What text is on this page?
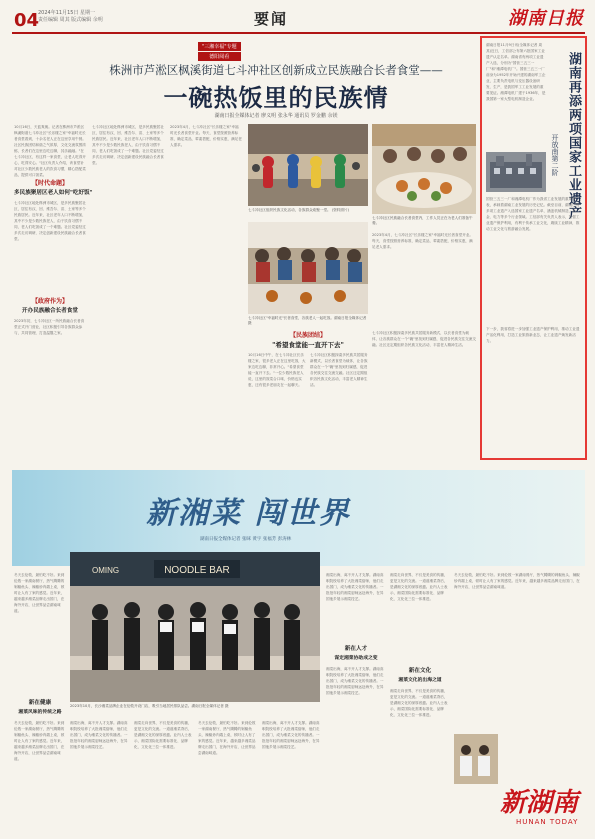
04
2024年11月15日 星期一
责任编辑 周其 版式编辑 余明	要闻	湖南日报
"三湘幸福"专题
德阳阅看
株洲市芦淞区枫溪街道七斗冲社区创新成立民族融合长者食堂——
一碗热饭里的民族情
湖南日报全媒体记者 廖义明 张永华 通讯员 罗金鹏 余镁
10月16日，天蓝爽朗。记者在株洲市芦淞区枫溪街道七斗冲社区"长乐楼之家"幸福时光长者食堂看到，十余名老人正在这里享用午餐。社区民族团结和谐之气浓厚，文化交流氛围浓郁，长者们在这里边吃边聊，其乐融融。"在七斗冲社区，有这样一家食堂，让老人吃得开心，吃得安心。"社区负责人介绍，该食堂针对社区少数民族老人的饮食习惯，精心搭配菜品，提供可口饭菜。
【时代命题】
多民族聚居区老人如何"吃好饭"
七斗冲社区地处株洲市城区，是多民族聚居社区，居住有汉、回、维吾尔、苗、土家等多个民族居民。近年来，社区老年人口不断增加，其中不少是少数民族老人，由于饮食习惯不同，老人们吃饭成了一个难题。社区党委经过多次走访调研，决定创新建设民族融合长者食堂。
【政府作为】
开办民族融合长者食堂
2023年初，七斗冲社区一所民族融合长者食堂正式开门营业，社区积极引导各族群众参与，共同管理，打造温馨之家。
七斗冲社区地处株洲市城区，是多民族聚居社区，居住有汉、回、维吾尔、苗、土家等多个民族居民。近年来，社区老年人口不断增加，其中不少是少数民族老人，由于饮食习惯不同，老人们吃饭成了一个难题。社区党委经过多次走访调研，决定创新建设民族融合长者食堂。
2023年4月，七斗冲社区"长乐楼之家"幸福时光长者食堂开业。每天，食堂按照营养标准，确定菜品，荤素搭配，价格实惠，满足老人需求。
七斗冲社区组织民族文化活动，各族群众欢聚一堂。 (资料照片)
七斗冲社区民族融合长者食堂内，工作人员正在为老人们准备午餐。
七斗冲社区"幸福时光"长者食堂，各族老人一起吃饭。湖南日报全媒体记者 摄
2023年4月，七斗冲社区"长乐楼之家"幸福时光长者食堂开业。每天，食堂按照营养标准，确定菜品，荤素搭配，价格实惠，满足老人需求。
【民族团结】
"希望食堂能一直开下去"
10月16日中午，在七斗冲社区长乐楼之家，很多老人正在这里吃饭，大家边吃边聊，非常开心。"希望食堂能一直开下去。"一位少数民族老人说，这里的饭菜合口味，价格也实惠，还有很多老朋友在一起聊天。
七斗冲社区积极探索多民族共居服务新模式，以长者食堂为载体，让各族群众在一个"碗"里找到归属感，促进各民族交往交流交融。社区还定期组织各民族文化活动，丰富老人精神生活。
七斗冲社区积极探索多民族共居服务新模式，以长者食堂为载体，让各族群众在一个"碗"里找到归属感，促进各民族交往交流交融。社区还定期组织各民族文化活动，丰富老人精神生活。
湖南再添两项国家工业遗产
开放南第二阶
湖南日报11月9日讯(全媒体记者 周其)近日，工信部公布第六批国家工业遗产认定名单。湖南省有两项工业遗产入选，分别为"国营三五三一厂"和"湘潭电机厂"。国营三五三一厂前身为1952年开始兴建的湖南军工企业，主要负责电机与变压器设备研发、生产，是我国军工工业发展的重要见证。湘潭电机厂建于1936年，是我国第一家大型电机制造企业。
国营三五三一厂和湘潭电机厂作为我省工业发展的重要代表，承载着湖南工业发展的历史记忆。截至目前，湖南已有多项工业遗产入选国家工业遗产名单，涵盖机械制造、冶金、电力等多个行业领域。工信部有关负责人表示，加强工业遗产保护利用，有利于传承工业文化，赓续工业精神，推动工业文化与旅游融合发展。
下一步，我省将进一步加强工业遗产保护利用，推动工业遗产活化利用，打造工业旅游新业态，让工业遗产焕发新活力。
新湘菜 闯世界
湖南日报全媒体记者 张咪 黄宇 张福芳 彭涛林
NOODLE BAR
OMING
2023年10月，长沙湘菜品牌企业在伦敦开设门店，吸引当地居民排队品尝。湖南日报全媒体记者 摄
冬天去伦敦，最怕吃不好。来到伦敦一家湖南餐厅，热气腾腾的剁椒鱼头、辣椒炒肉端上桌，顿时让人有了家的感觉。近年来，越来越多湘菜品牌走出国门，在海外开店，让世界品尝湖南味道。
新在健康
湘菜风味的传统之路
冬天去伦敦，最怕吃不好。来到伦敦一家湖南餐厅，热气腾腾的剁椒鱼头、辣椒炒肉端上桌，顿时让人有了家的感觉。近年来，越来越多湘菜品牌走出国门，在海外开店，让世界品尝湖南味道。
湘菜出海，离不开人才支撑。湖南高职院校培养了大批湘菜厨师，他们走出国门，成为湘菜文化的传播者。一批批年轻的湘菜厨师远赴海外，在异国他乡展示湘菜技艺。
湘菜走向世界，不仅是美食的传播，更是文化的交流。一道道湘菜背后，是湖湘文化的深厚底蕴。业内人士表示，湘菜国际化需要标准化、品牌化、文化化三位一体推进。
冬天去伦敦，最怕吃不好。来到伦敦一家湖南餐厅，热气腾腾的剁椒鱼头、辣椒炒肉端上桌，顿时让人有了家的感觉。近年来，越来越多湘菜品牌走出国门，在海外开店，让世界品尝湖南味道。
湘菜出海，离不开人才支撑。湖南高职院校培养了大批湘菜厨师，他们走出国门，成为湘菜文化的传播者。一批批年轻的湘菜厨师远赴海外，在异国他乡展示湘菜技艺。
湘菜出海，离不开人才支撑。湖南高职院校培养了大批湘菜厨师，他们走出国门，成为湘菜文化的传播者。一批批年轻的湘菜厨师远赴海外，在异国他乡展示湘菜技艺。
新在人才
谋定湘菜协助成之变
湘菜出海，离不开人才支撑。湖南高职院校培养了大批湘菜厨师，他们走出国门，成为湘菜文化的传播者。一批批年轻的湘菜厨师远赴海外，在异国他乡展示湘菜技艺。
湘菜走向世界，不仅是美食的传播，更是文化的交流。一道道湘菜背后，是湖湘文化的深厚底蕴。业内人士表示，湘菜国际化需要标准化、品牌化、文化化三位一体推进。
新在文化
湘菜文化的出海之道
湘菜走向世界，不仅是美食的传播，更是文化的交流。一道道湘菜背后，是湖湘文化的深厚底蕴。业内人士表示，湘菜国际化需要标准化、品牌化、文化化三位一体推进。
冬天去伦敦，最怕吃不好。来到伦敦一家湖南餐厅，热气腾腾的剁椒鱼头、辣椒炒肉端上桌，顿时让人有了家的感觉。近年来，越来越多湘菜品牌走出国门，在海外开店，让世界品尝湖南味道。
新湖南
HUNAN TODAY
